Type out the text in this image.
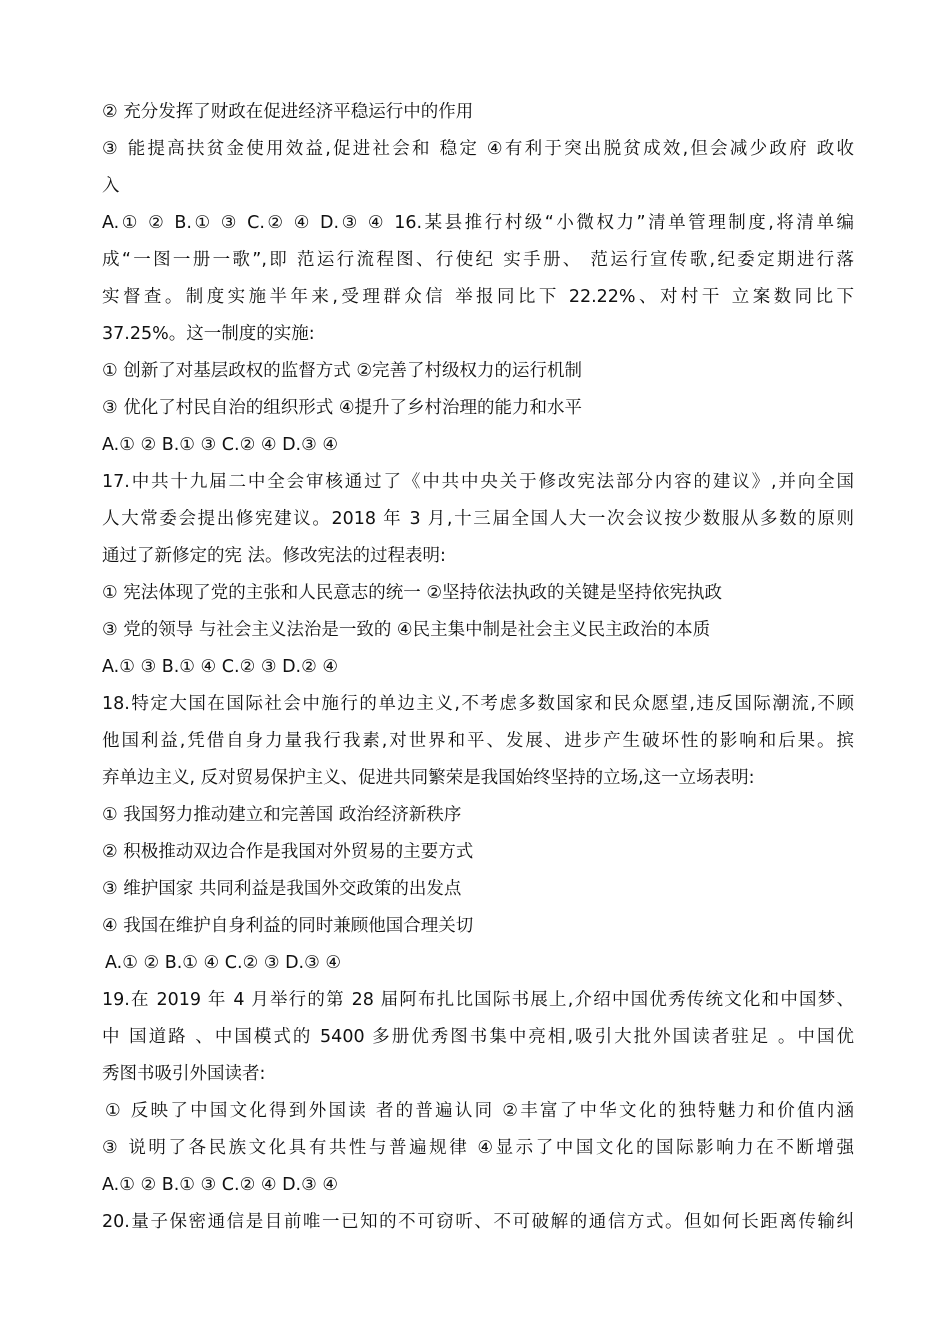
② 充分发挥了财政在促进经济平稳运行中的作用
③ 能提高扶贫金使用效益,促进社会和 稳定 ④有利于突出脱贫成效,但会减少政府 政收
入
A.① ② B.① ③ C.② ④ D.③ ④ 16.某县推行村级“小微权力”清单管理制度,将清单编
成“一图一册一歌”,即 范运行流程图、行使纪 实手册、 范运行宣传歌,纪委定期进行落
实督查。制度实施半年来,受理群众信 举报同比下 22.22%、对村干 立案数同比下
37.25%。这一制度的实施:
① 创新了对基层政权的监督方式 ②完善了村级权力的运行机制
③ 优化了村民自治的组织形式 ④提升了乡村治理的能力和水平
A.① ② B.① ③ C.② ④ D.③ ④
17.中共十九届二中全会审核通过了《中共中央关于修改宪法部分内容的建议》,并向全国
人大常委会提出修宪建议。2018 年 3 月,十三届全国人大一次会议按少数服从多数的原则
通过了新修定的宪 法。修改宪法的过程表明:
① 宪法体现了党的主张和人民意志的统一 ②坚持依法执政的关键是坚持依宪执政
③ 党的领导 与社会主义法治是一致的 ④民主集中制是社会主义民主政治的本质
A.① ③ B.① ④ C.② ③ D.② ④
18.特定大国在国际社会中施行的单边主义,不考虑多数国家和民众愿望,违反国际潮流,不顾
他国利益,凭借自身力量我行我素,对世界和平、发展、进步产生破坏性的影响和后果。摈
弃单边主义, 反对贸易保护主义、促进共同繁荣是我国始终坚持的立场,这一立场表明:
① 我国努力推动建立和完善国 政治经济新秩序
② 积极推动双边合作是我国对外贸易的主要方式
③ 维护国家 共同利益是我国外交政策的出发点
④ 我国在维护自身利益的同时兼顾他国合理关切
A.① ② B.① ④ C.② ③ D.③ ④
19.在 2019 年 4 月举行的第 28 届阿布扎比国际书展上,介绍中国优秀传统文化和中国梦、
中 国道路 、中国模式的 5400 多册优秀图书集中亮相,吸引大批外国读者驻足 。中国优
秀图书吸引外国读者:
① 反映了中国文化得到外国读 者的普遍认同 ②丰富了中华文化的独特魅力和价值内涵
③ 说明了各民族文化具有共性与普遍规律 ④显示了中国文化的国际影响力在不断增强
A.① ② B.① ③ C.② ④ D.③ ④
20.量子保密通信是目前唯一已知的不可窃听、不可破解的通信方式。但如何长距离传输纠
